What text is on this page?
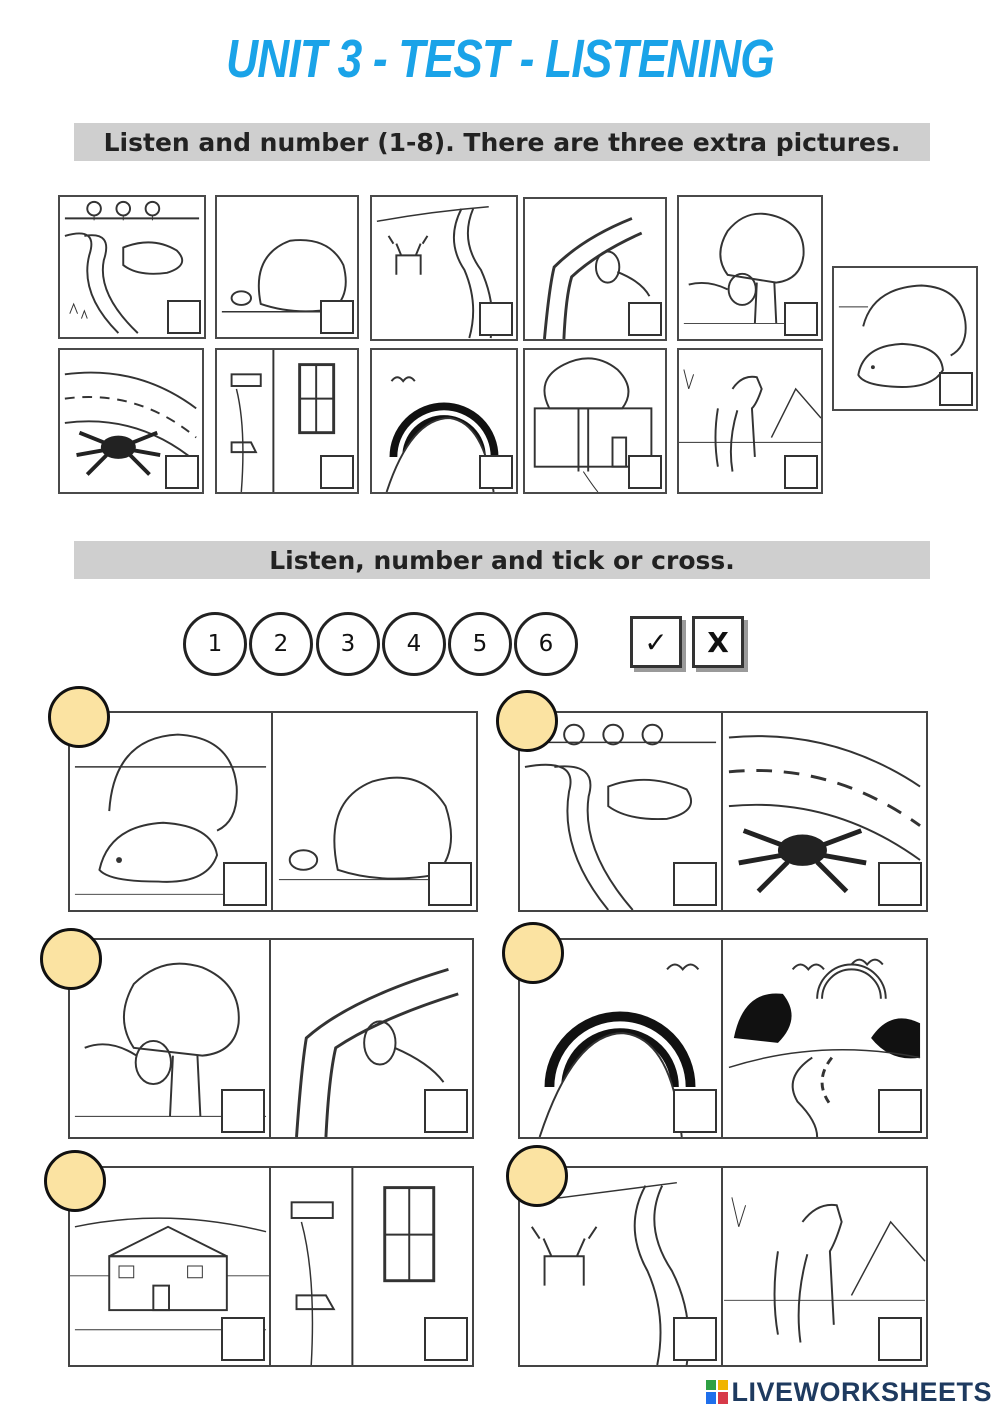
UNIT 3 - TEST - LISTENING
Listen and number (1-8). There are three extra pictures.
Listen, number and tick or cross.
1	2	3	4	5	6	✓	X
LIVEWORKSHEETS
